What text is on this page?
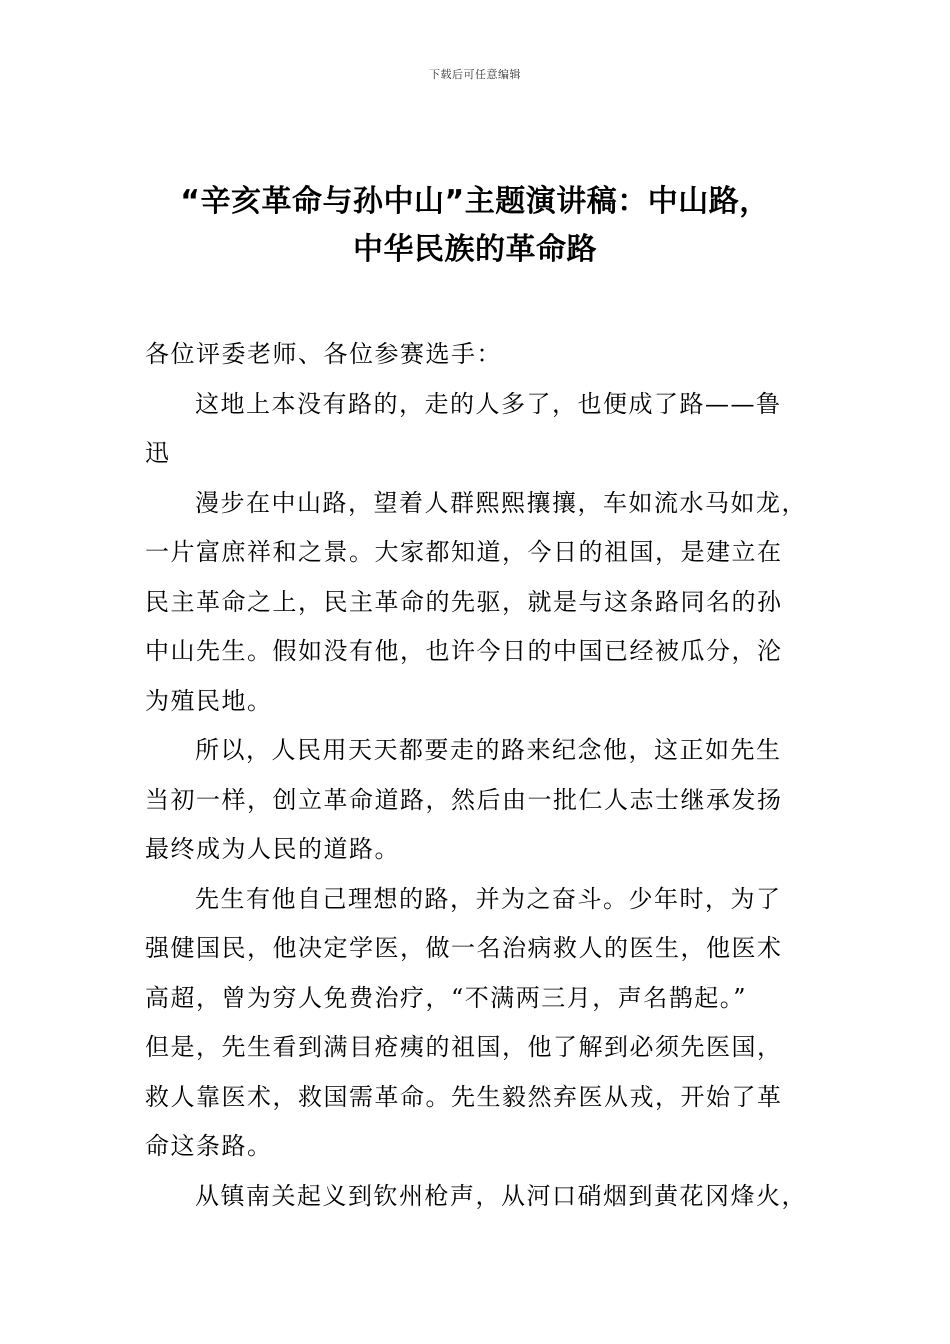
下载后可任意编辑
“辛亥革命与孙中山”主题演讲稿：中山路，
中华民族的革命路
各位评委老师、各位参赛选手：
这地上本没有路的，走的人多了，也便成了路——鲁
迅
漫步在中山路，望着人群熙熙攘攘，车如流水马如龙，
一片富庶祥和之景。大家都知道，今日的祖国，是建立在
民主革命之上，民主革命的先驱，就是与这条路同名的孙
中山先生。假如没有他，也许今日的中国已经被瓜分，沦
为殖民地。
所以，人民用天天都要走的路来纪念他，这正如先生
当初一样，创立革命道路，然后由一批仁人志士继承发扬
最终成为人民的道路。
先生有他自己理想的路，并为之奋斗。少年时，为了
强健国民，他决定学医，做一名治病救人的医生，他医术
高超，曾为穷人免费治疗，“不满两三月，声名鹊起。”
但是，先生看到满目疮痍的祖国，他了解到必须先医国，
救人靠医术，救国需革命。先生毅然弃医从戎，开始了革
命这条路。
从镇南关起义到钦州枪声，从河口硝烟到黄花冈烽火，
